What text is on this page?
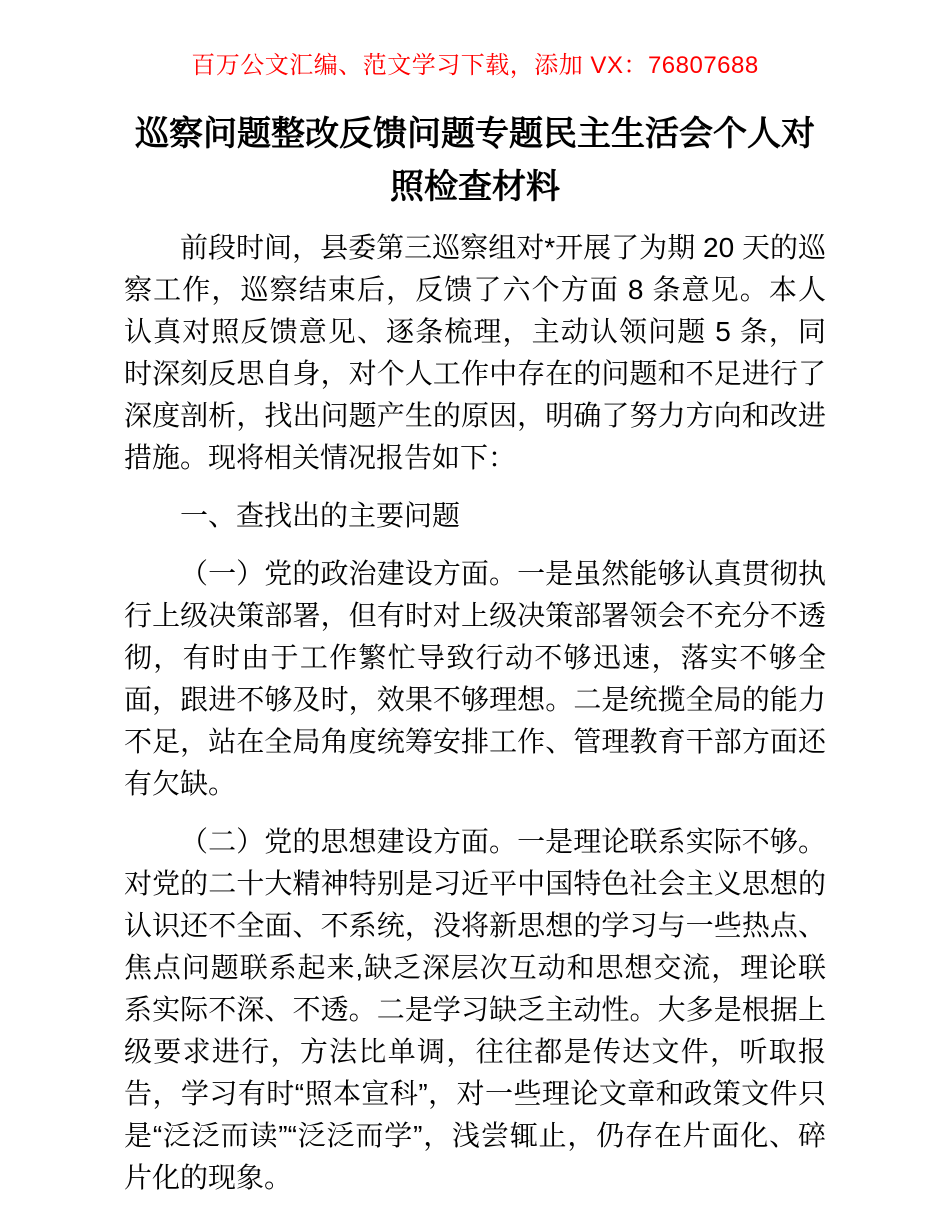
百万公文汇编、范文学习下载，添加 VX：76807688
巡察问题整改反馈问题专题民主生活会个人对照检查材料

前段时间，县委第三巡察组对*开展了为期 20 天的巡察工作，巡察结束后，反馈了六个方面 8 条意见。本人认真对照反馈意见、逐条梳理，主动认领问题 5 条，同时深刻反思自身，对个人工作中存在的问题和不足进行了深度剖析，找出问题产生的原因，明确了努力方向和改进措施。现将相关情况报告如下：

一、查找出的主要问题

（一）党的政治建设方面。一是虽然能够认真贯彻执行上级决策部署，但有时对上级决策部署领会不充分不透彻，有时由于工作繁忙导致行动不够迅速，落实不够全面，跟进不够及时，效果不够理想。二是统揽全局的能力不足，站在全局角度统筹安排工作、管理教育干部方面还有欠缺。

（二）党的思想建设方面。一是理论联系实际不够。对党的二十大精神特别是习近平中国特色社会主义思想的认识还不全面、不系统，没将新思想的学习与一些热点、焦点问题联系起来,缺乏深层次互动和思想交流，理论联系实际不深、不透。二是学习缺乏主动性。大多是根据上级要求进行，方法比单调，往往都是传达文件，听取报告，学习有时“照本宣科”，对一些理论文章和政策文件只是“泛泛而读”“泛泛而学”，浅尝辄止，仍存在片面化、碎片化的现象。
